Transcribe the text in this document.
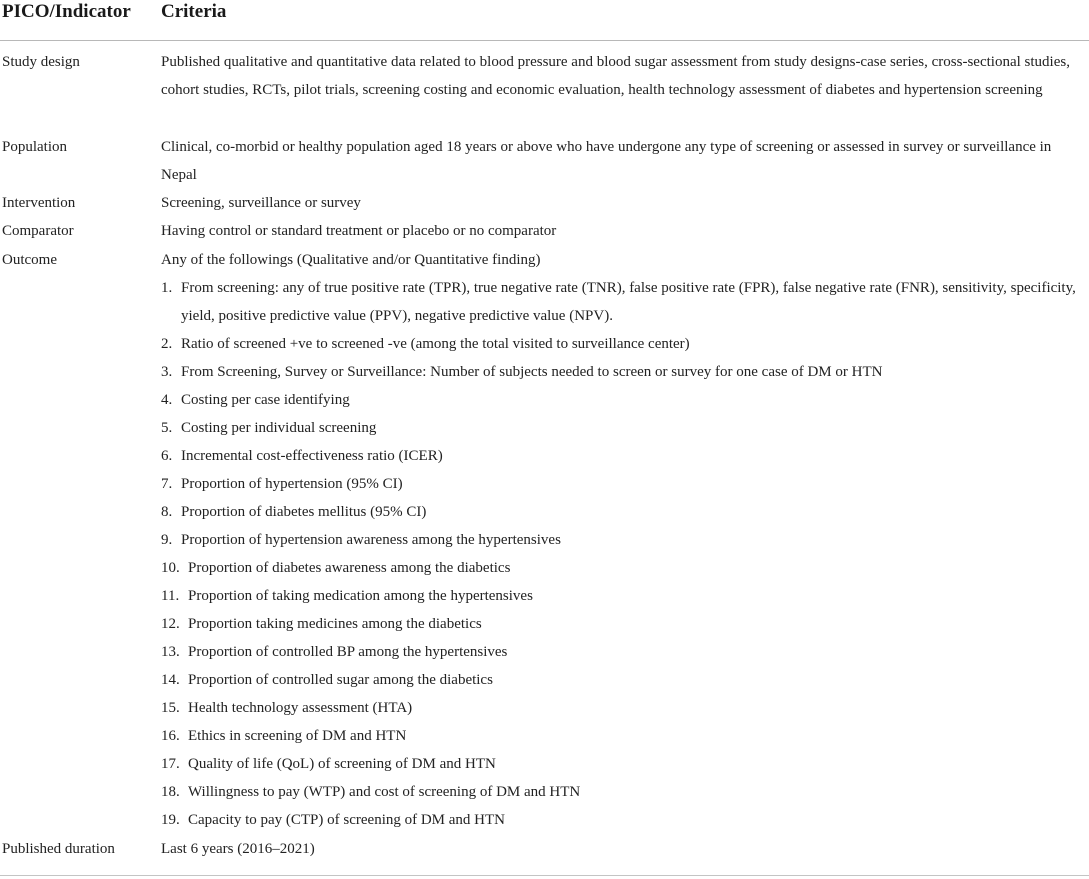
PICO/Indicator Criteria
Study design	Published qualitative and quantitative data related to blood pressure and blood sugar assessment from study designs-case series, cross-sectional studies, cohort studies, RCTs, pilot trials, screening costing and economic evaluation, health technology assessment of diabetes and hypertension screening
Population	Clinical, co-morbid or healthy population aged 18 years or above who have undergone any type of screening or assessed in survey or surveillance in Nepal
Intervention	Screening, surveillance or survey
Comparator	Having control or standard treatment or placebo or no comparator
Outcome	Any of the followings (Qualitative and/or Quantitative finding)
1. From screening: any of true positive rate (TPR), true negative rate (TNR), false positive rate (FPR), false negative rate (FNR), sensitivity, specificity, yield, positive predictive value (PPV), negative predictive value (NPV).
2. Ratio of screened +ve to screened -ve (among the total visited to surveillance center)
3. From Screening, Survey or Surveillance: Number of subjects needed to screen or survey for one case of DM or HTN
4. Costing per case identifying
5. Costing per individual screening
6. Incremental cost-effectiveness ratio (ICER)
7. Proportion of hypertension (95% CI)
8. Proportion of diabetes mellitus (95% CI)
9. Proportion of hypertension awareness among the hypertensives
10. Proportion of diabetes awareness among the diabetics
11. Proportion of taking medication among the hypertensives
12. Proportion taking medicines among the diabetics
13. Proportion of controlled BP among the hypertensives
14. Proportion of controlled sugar among the diabetics
15. Health technology assessment (HTA)
16. Ethics in screening of DM and HTN
17. Quality of life (QoL) of screening of DM and HTN
18. Willingness to pay (WTP) and cost of screening of DM and HTN
19. Capacity to pay (CTP) of screening of DM and HTN
Published duration	Last 6 years (2016–2021)
